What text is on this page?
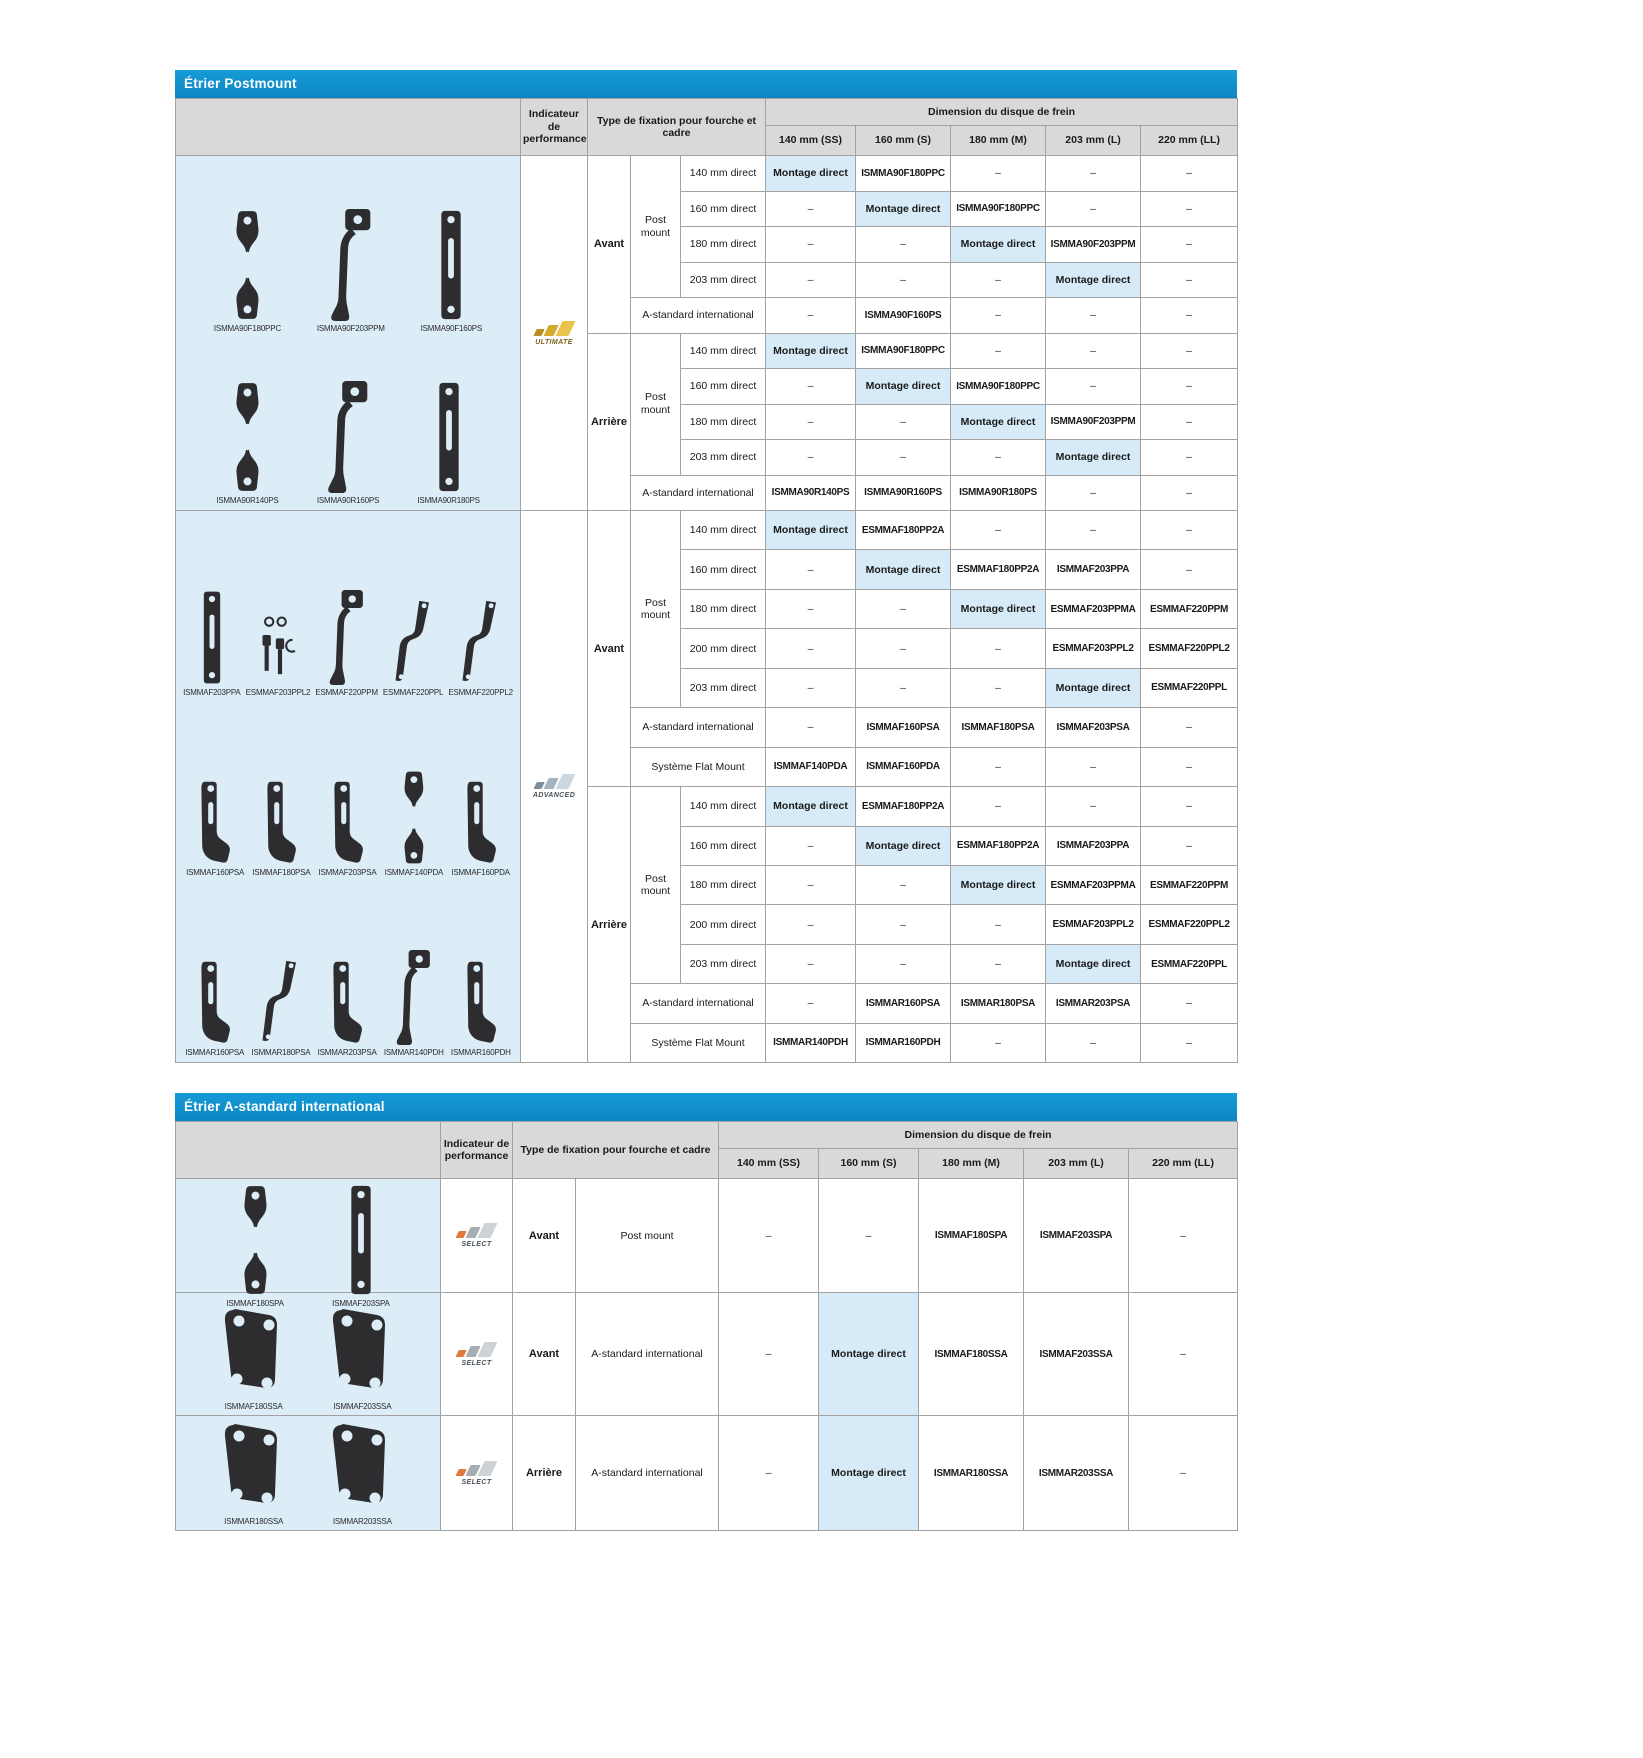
Étrier Postmount
	Indicateur de performance	Type de fixation pour fourche et cadre			Dimension du disque de frein				
					140 mm (SS)	160 mm (S)	180 mm (M)	203 mm (L)	220 mm (LL)

ISMMA90F180PPC	ISMMA90F203PPM	ISMMA90F160PS
ISMMA90R140PS	ISMMA90R160PS	ISMMA90R180PS

ULTIMATE
	Avant	Post mount	140 mm direct	Montage direct	ISMMA90F180PPC	–	–	–
				160 mm direct	–	Montage direct	ISMMA90F180PPC	–	–
				180 mm direct	–	–	Montage direct	ISMMA90F203PPM	–
				203 mm direct	–	–	–	Montage direct	–
			A-standard international		–	ISMMA90F160PS	–	–	–
		Arrière	Post mount	140 mm direct	Montage direct	ISMMA90F180PPC	–	–	–
				160 mm direct	–	Montage direct	ISMMA90F180PPC	–	–
				180 mm direct	–	–	Montage direct	ISMMA90F203PPM	–
				203 mm direct	–	–	–	Montage direct	–
			A-standard international		ISMMA90R140PS	ISMMA90R160PS	ISMMA90R180PS	–	–

ISMMAF203PPA ESMMAF203PPL2 ESMMAF220PPM ESMMAF220PPL ESMMAF220PPL2
ISMMAF160PSA ISMMAF180PSA ISMMAF203PSA ISMMAF140PDA ISMMAF160PDA
ISMMAR160PSA ISMMAR180PSA ISMMAR203PSA ISMMAR140PDH ISMMAR160PDH

ADVANCED
	Avant	Post mount	140 mm direct	Montage direct	ESMMAF180PP2A	–	–	–
				160 mm direct	–	Montage direct	ESMMAF180PP2A	ISMMAF203PPA	–
				180 mm direct	–	–	Montage direct	ESMMAF203PPMA	ESMMAF220PPM
				200 mm direct	–	–	–	ESMMAF203PPL2	ESMMAF220PPL2
				203 mm direct	–	–	–	Montage direct	ESMMAF220PPL
			A-standard international		–	ISMMAF160PSA	ISMMAF180PSA	ISMMAF203PSA	–
			Système Flat Mount		ISMMAF140PDA	ISMMAF160PDA	–	–	–
		Arrière	Post mount	140 mm direct	Montage direct	ESMMAF180PP2A	–	–	–
				160 mm direct	–	Montage direct	ESMMAF180PP2A	ISMMAF203PPA	–
				180 mm direct	–	–	Montage direct	ESMMAF203PPMA	ESMMAF220PPM
				200 mm direct	–	–	–	ESMMAF203PPL2	ESMMAF220PPL2
				203 mm direct	–	–	–	Montage direct	ESMMAF220PPL
			A-standard international		–	ISMMAR160PSA	ISMMAR180PSA	ISMMAR203PSA	–
			Système Flat Mount		ISMMAR140PDH	ISMMAR160PDH	–	–	–
Étrier A-standard international
	Indicateur de performance	Type de fixation pour fourche et cadre		Dimension du disque de frein				
				140 mm (SS)	160 mm (S)	180 mm (M)	203 mm (L)	220 mm (LL)

ISMMAF180SPA ISMMAF203SPA	SELECT	Avant	Post mount	–	–	ISMMAF180SPA	ISMMAF203SPA	–

ISMMAF180SSA ISMMAF203SSA	SELECT	Avant	A-standard international	–	Montage direct	ISMMAF180SSA	ISMMAF203SSA	–

ISMMAR180SSA ISMMAR203SSA	SELECT	Arrière	A-standard international	–	Montage direct	ISMMAR180SSA	ISMMAR203SSA	–
